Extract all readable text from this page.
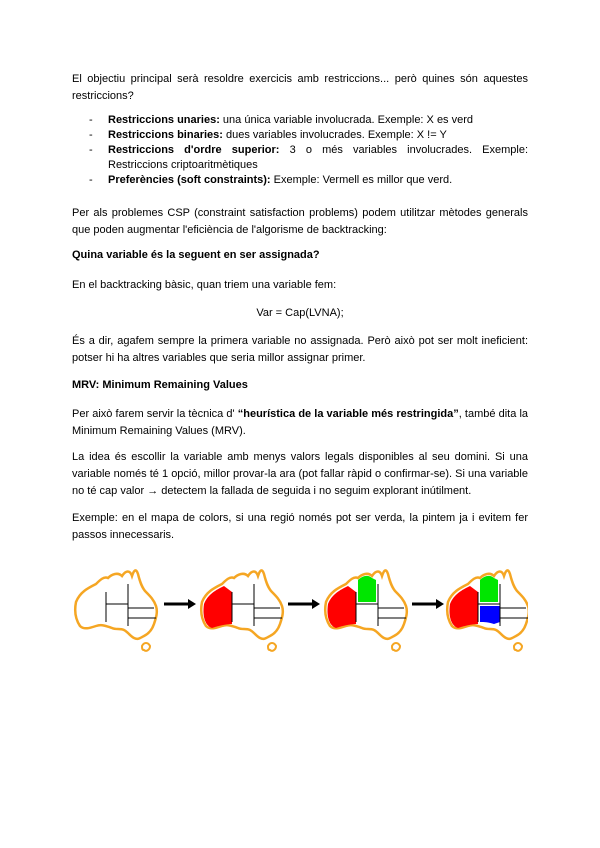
El objectiu principal serà resoldre exercicis amb restriccions... però quines són aquestes restriccions?

- Restriccions unaries: una única variable involucrada. Exemple: X es verd
- Restriccions binaries: dues variables involucrades. Exemple: X != Y
- Restriccions d'ordre superior: 3 o més variables involucrades. Exemple: Restriccions criptoaritmètiques
- Preferències (soft constraints): Exemple: Vermell es millor que verd.

Per als problemes CSP (constraint satisfaction problems) podem utilitzar mètodes generals que poden augmentar l'eficiència de l'algorisme de backtracking:

Quina variable és la seguent en ser assignada?

En el backtracking bàsic, quan triem una variable fem:

Var = Cap(LVNA);

És a dir, agafem sempre la primera variable no assignada. Però això pot ser molt ineficient: potser hi ha altres variables que seria millor assignar primer.

MRV: Minimum Remaining Values

Per això farem servir la tècnica d' “heurística de la variable més restringida”, també dita la Minimum Remaining Values (MRV).

La idea és escollir la variable amb menys valors legals disponibles al seu domini. Si una variable només té 1 opció, millor provar-la ara (pot fallar ràpid o confirmar-se). Si una variable no té cap valor → detectem la fallada de seguida i no seguim explorant inútilment.

Exemple: en el mapa de colors, si una regió només pot ser verda, la pintem ja i evitem fer passos innecessaris.
